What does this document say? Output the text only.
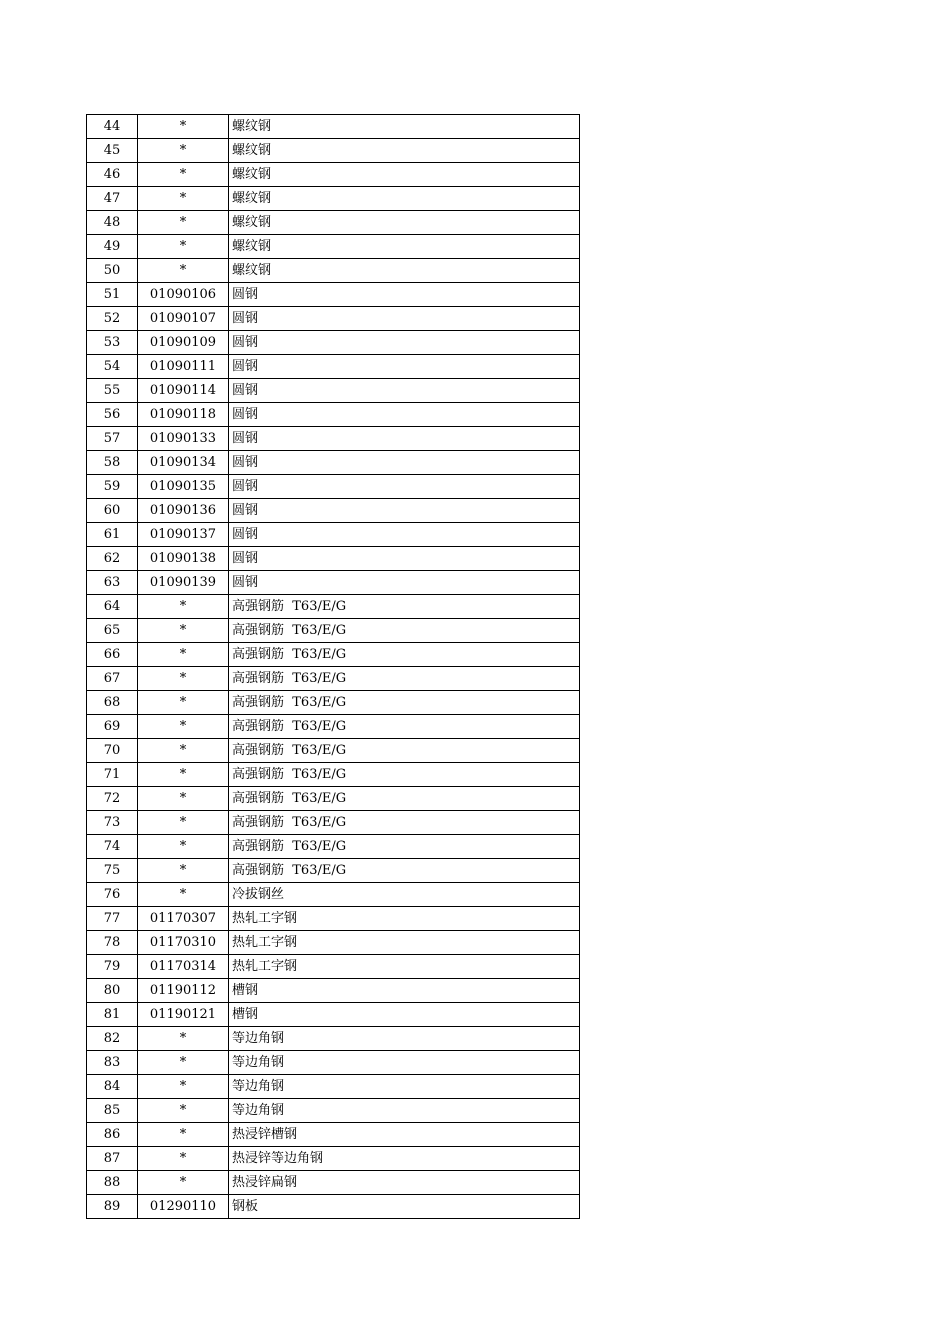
44	*	螺纹钢
45	*	螺纹钢
46	*	螺纹钢
47	*	螺纹钢
48	*	螺纹钢
49	*	螺纹钢
50	*	螺纹钢
51	01090106	圆钢
52	01090107	圆钢
53	01090109	圆钢
54	01090111	圆钢
55	01090114	圆钢
56	01090118	圆钢
57	01090133	圆钢
58	01090134	圆钢
59	01090135	圆钢
60	01090136	圆钢
61	01090137	圆钢
62	01090138	圆钢
63	01090139	圆钢
64	*	高强钢筋  T63/E/G
65	*	高强钢筋  T63/E/G
66	*	高强钢筋  T63/E/G
67	*	高强钢筋  T63/E/G
68	*	高强钢筋  T63/E/G
69	*	高强钢筋  T63/E/G
70	*	高强钢筋  T63/E/G
71	*	高强钢筋  T63/E/G
72	*	高强钢筋  T63/E/G
73	*	高强钢筋  T63/E/G
74	*	高强钢筋  T63/E/G
75	*	高强钢筋  T63/E/G
76	*	冷拔钢丝
77	01170307	热轧工字钢
78	01170310	热轧工字钢
79	01170314	热轧工字钢
80	01190112	槽钢
81	01190121	槽钢
82	*	等边角钢
83	*	等边角钢
84	*	等边角钢
85	*	等边角钢
86	*	热浸锌槽钢
87	*	热浸锌等边角钢
88	*	热浸锌扁钢
89	01290110	钢板
